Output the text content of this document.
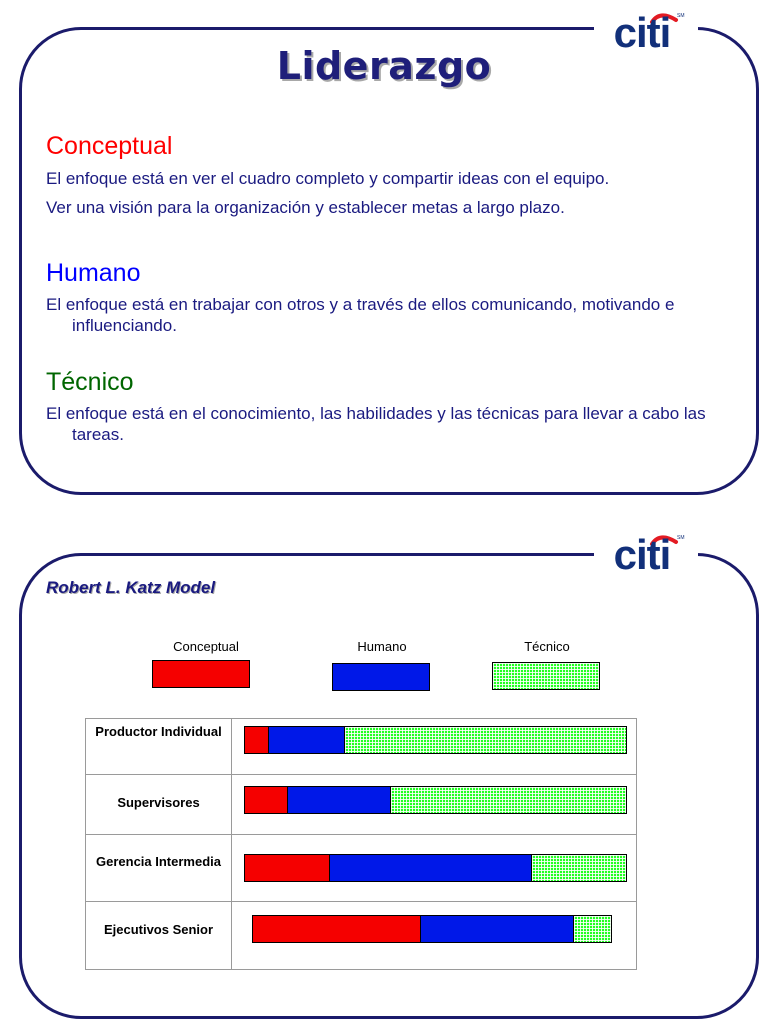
citi	SM
Liderazgo
Conceptual
El enfoque está en ver el cuadro completo y compartir ideas con el equipo.
Ver una visión para la organización y establecer metas a largo plazo.
Humano
El enfoque está en trabajar con otros y a través de ellos comunicando, motivando e influenciando.
Técnico
El enfoque está en el conocimiento, las habilidades y las técnicas para llevar a cabo las tareas.
citi	SM
Robert L. Katz Model
Conceptual	Humano	Técnico
Productor Individual
Supervisores
Gerencia Intermedia
Ejecutivos Senior
